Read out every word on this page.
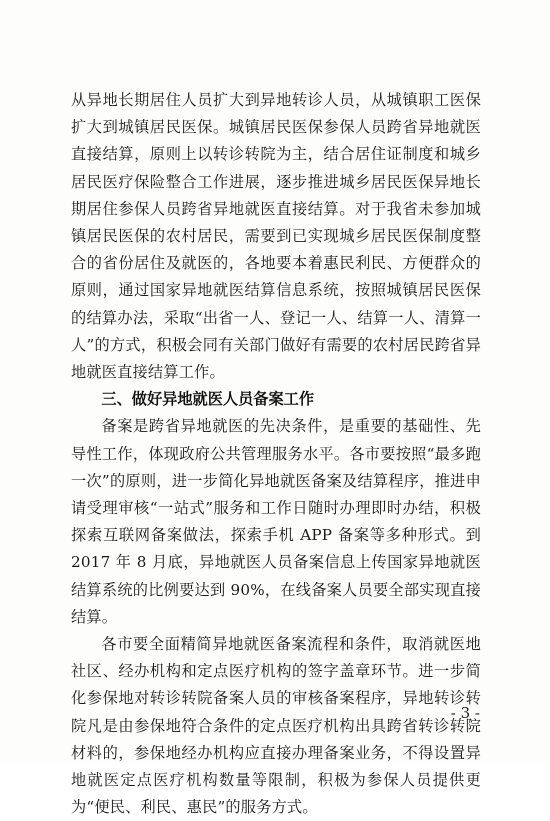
从异地长期居住人员扩大到异地转诊人员，从城镇职工医保扩大到城镇居民医保。城镇居民医保参保人员跨省异地就医直接结算，原则上以转诊转院为主，结合居住证制度和城乡居民医疗保险整合工作进展，逐步推进城乡居民医保异地长期居住参保人员跨省异地就医直接结算。对于我省未参加城镇居民医保的农村居民，需要到已实现城乡居民医保制度整合的省份居住及就医的，各地要本着惠民利民、方便群众的原则，通过国家异地就医结算信息系统，按照城镇居民医保的结算办法，采取“出省一人、登记一人、结算一人、清算一人”的方式，积极会同有关部门做好有需要的农村居民跨省异地就医直接结算工作。

三、做好异地就医人员备案工作

备案是跨省异地就医的先决条件，是重要的基础性、先导性工作，体现政府公共管理服务水平。各市要按照“最多跑一次”的原则，进一步简化异地就医备案及结算程序，推进申请受理审核“一站式”服务和工作日随时办理即时办结，积极探索互联网备案做法，探索手机 APP 备案等多种形式。到 2017 年 8 月底，异地就医人员备案信息上传国家异地就医结算系统的比例要达到 90%，在线备案人员要全部实现直接结算。

各市要全面精简异地就医备案流程和条件，取消就医地社区、经办机构和定点医疗机构的签字盖章环节。进一步简化参保地对转诊转院备案人员的审核备案程序，异地转诊转院凡是由参保地符合条件的定点医疗机构出具跨省转诊转院材料的，参保地经办机构应直接办理备案业务，不得设置异地就医定点医疗机构数量等限制，积极为参保人员提供更为“便民、利民、惠民”的服务方式。

- 3 -
